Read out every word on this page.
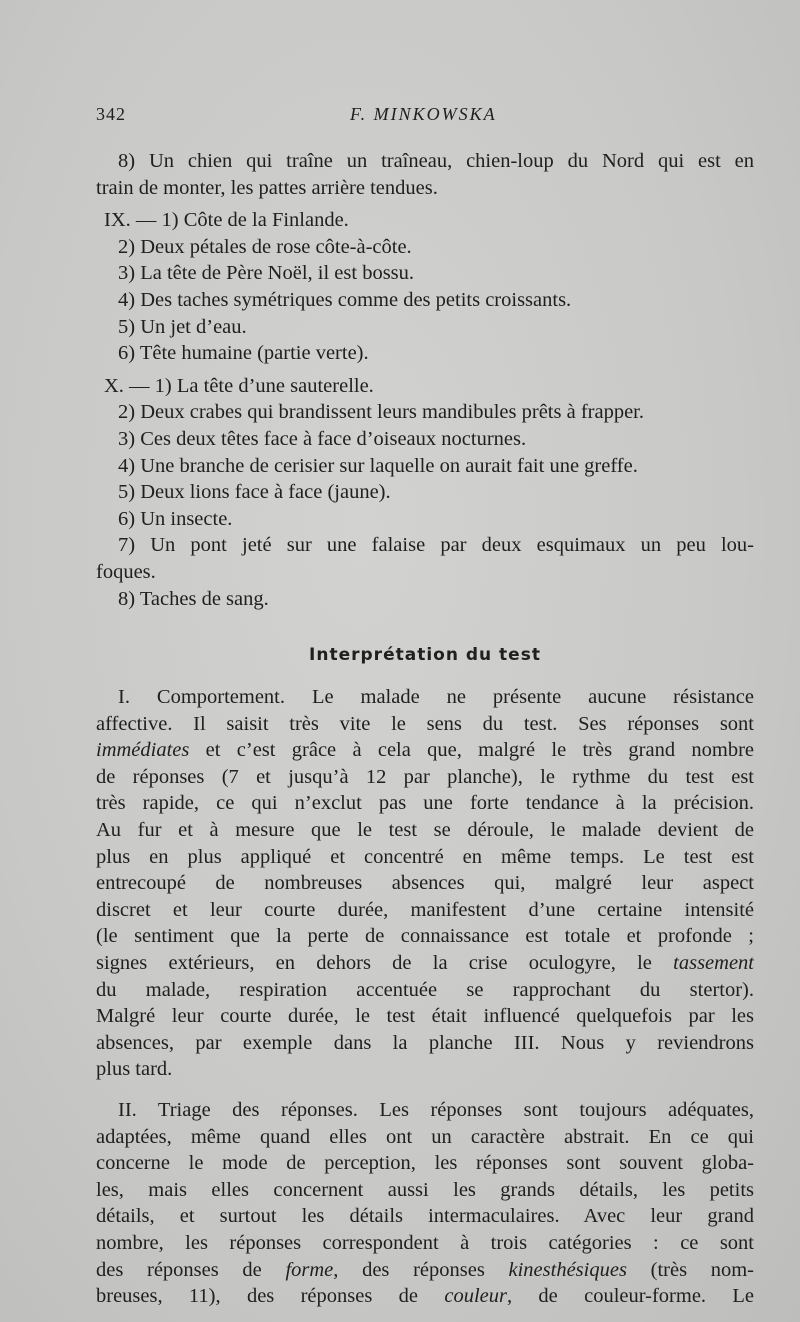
342	F. MINKOWSKA
8) Un chien qui traîne un traîneau, chien-loup du Nord qui est en
train de monter, les pattes arrière tendues.
IX. — 1) Côte de la Finlande.
2) Deux pétales de rose côte-à-côte.
3) La tête de Père Noël, il est bossu.
4) Des taches symétriques comme des petits croissants.
5) Un jet d’eau.
6) Tête humaine (partie verte).
X. — 1) La tête d’une sauterelle.
2) Deux crabes qui brandissent leurs mandibules prêts à frapper.
3) Ces deux têtes face à face d’oiseaux nocturnes.
4) Une branche de cerisier sur laquelle on aurait fait une greffe.
5) Deux lions face à face (jaune).
6) Un insecte.
7) Un pont jeté sur une falaise par deux esquimaux un peu lou-
foques.
8) Taches de sang.
Interprétation du test
I. Comportement. Le malade ne présente aucune résistance
affective. Il saisit très vite le sens du test. Ses réponses sont
immédiates et c’est grâce à cela que, malgré le très grand nombre
de réponses (7 et jusqu’à 12 par planche), le rythme du test est
très rapide, ce qui n’exclut pas une forte tendance à la précision.
Au fur et à mesure que le test se déroule, le malade devient de
plus en plus appliqué et concentré en même temps. Le test est
entrecoupé de nombreuses absences qui, malgré leur aspect
discret et leur courte durée, manifestent d’une certaine intensité
(le sentiment que la perte de connaissance est totale et profonde ;
signes extérieurs, en dehors de la crise oculogyre, le tassement
du malade, respiration accentuée se rapprochant du stertor).
Malgré leur courte durée, le test était influencé quelquefois par les
absences, par exemple dans la planche III. Nous y reviendrons
plus tard.
II. Triage des réponses. Les réponses sont toujours adéquates,
adaptées, même quand elles ont un caractère abstrait. En ce qui
concerne le mode de perception, les réponses sont souvent globa-
les, mais elles concernent aussi les grands détails, les petits
détails, et surtout les détails intermaculaires. Avec leur grand
nombre, les réponses correspondent à trois catégories : ce sont
des réponses de forme, des réponses kinesthésiques (très nom-
breuses, 11), des réponses de couleur, de couleur-forme. Le
